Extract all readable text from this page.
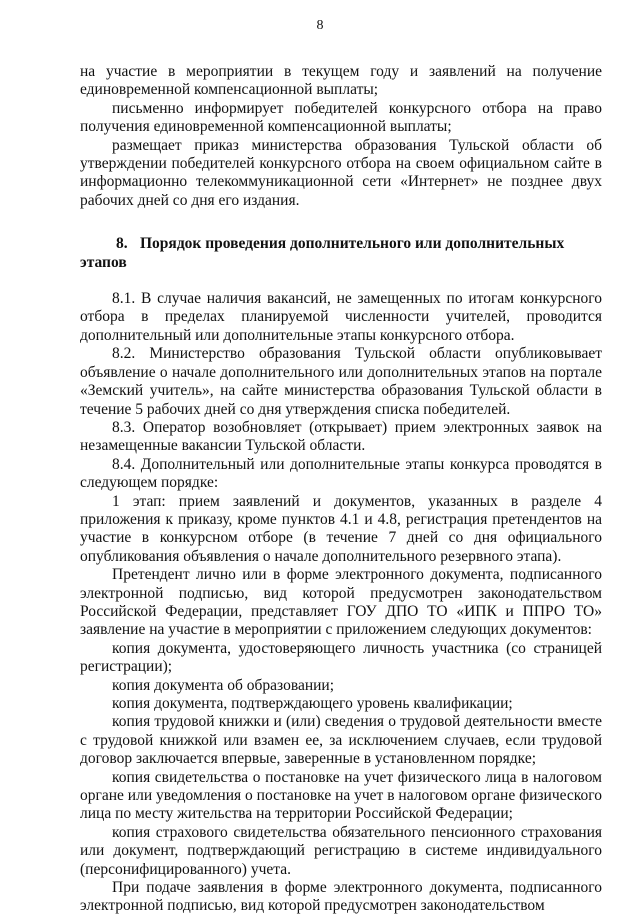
8

на участие в мероприятии в текущем году и заявлений на получение единовременной компенсационной выплаты;

письменно информирует победителей конкурсного отбора на право получения единовременной компенсационной выплаты;

размещает приказ министерства образования Тульской области об утверждении победителей конкурсного отбора на своем официальном сайте в информационно телекоммуникационной сети «Интернет» не позднее двух рабочих дней со дня его издания.

8. Порядок проведения дополнительного или дополнительных этапов

8.1. В случае наличия вакансий, не замещенных по итогам конкурсного отбора в пределах планируемой численности учителей, проводится дополнительный или дополнительные этапы конкурсного отбора.

8.2. Министерство образования Тульской области опубликовывает объявление о начале дополнительного или дополнительных этапов на портале «Земский учитель», на сайте министерства образования Тульской области в течение 5 рабочих дней со дня утверждения списка победителей.

8.3. Оператор возобновляет (открывает) прием электронных заявок на незамещенные вакансии Тульской области.

8.4. Дополнительный или дополнительные этапы конкурса проводятся в следующем порядке:

1 этап: прием заявлений и документов, указанных в разделе 4 приложения к приказу, кроме пунктов 4.1 и 4.8, регистрация претендентов на участие в конкурсном отборе (в течение 7 дней со дня официального опубликования объявления о начале дополнительного резервного этапа).

Претендент лично или в форме электронного документа, подписанного электронной подписью, вид которой предусмотрен законодательством Российской Федерации, представляет ГОУ ДПО ТО «ИПК и ППРО ТО» заявление на участие в мероприятии с приложением следующих документов:

копия документа, удостоверяющего личность участника (со страницей регистрации);

копия документа об образовании;

копия документа, подтверждающего уровень квалификации;

копия трудовой книжки и (или) сведения о трудовой деятельности вместе с трудовой книжкой или взамен ее, за исключением случаев, если трудовой договор заключается впервые, заверенные в установленном порядке;

копия свидетельства о постановке на учет физического лица в налоговом органе или уведомления о постановке на учет в налоговом органе физического лица по месту жительства на территории Российской Федерации;

копия страхового свидетельства обязательного пенсионного страхования или документ, подтверждающий регистрацию в системе индивидуального (персонифицированного) учета.

При подаче заявления в форме электронного документа, подписанного электронной подписью, вид которой предусмотрен законодательством
